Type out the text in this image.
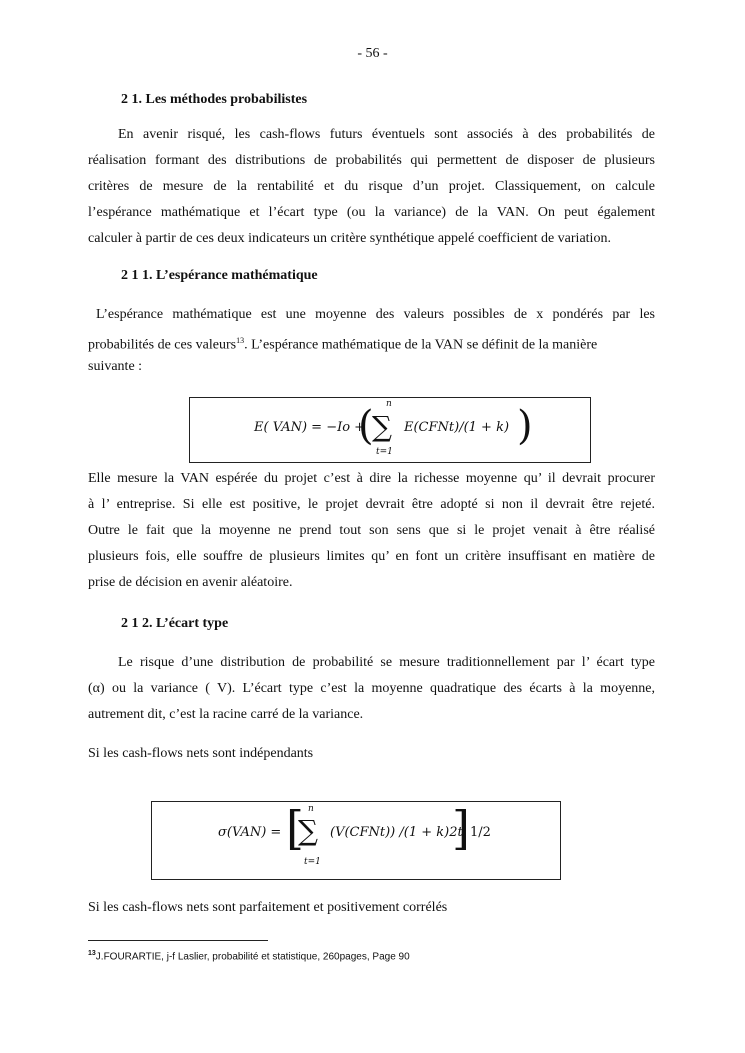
- 56 -
2 1. Les méthodes probabilistes
En avenir risqué, les cash-flows futurs éventuels sont associés à des probabilités de
réalisation formant des distributions de probabilités qui permettent de disposer de plusieurs
critères de mesure de la rentabilité et du risque d’un projet. Classiquement, on calcule
l’espérance mathématique et l’écart type (ou la variance) de la VAN. On peut également
calculer à partir de ces deux indicateurs un critère synthétique appelé coefficient de variation.
2 1 1. L’espérance mathématique
L’espérance mathématique est une moyenne des valeurs possibles de x pondérés par les
probabilités de ces valeurs$^{13}$. L’espérance mathématique de la VAN se définit de la manière
suivante :
E( VAN) = −Io +
(
∑
n
t=1
E(CFNt)/(1 + k) )
Elle mesure la VAN espérée du projet c’est à dire la richesse moyenne qu’ il devrait procurer
à l’ entreprise. Si elle est positive, le projet devrait être adopté si non il devrait être rejeté.
Outre le fait que la moyenne ne prend tout son sens que si le projet venait à être réalisé
plusieurs fois, elle souffre de plusieurs limites qu’ en font un critère insuffisant en matière de
prise de décision en avenir aléatoire.
2 1 2. L’écart type
Le risque d’une distribution de probabilité se mesure traditionnellement par l’ écart type
(α) ou la variance ( V). L’écart type c’est la moyenne quadratique des écarts à la moyenne,
autrement dit, c’est la racine carré de la variance.
Si les cash-flows nets sont indépendants
σ(VAN) = [
∑
n
t=1
(V(CFNt)) /(1 + k)2t
] 1/2
Si les cash-flows nets sont parfaitement et positivement corrélés
$^{13}$J.FOURARTIE, j-f Laslier, probabilité et statistique, 260pages, Page 90
